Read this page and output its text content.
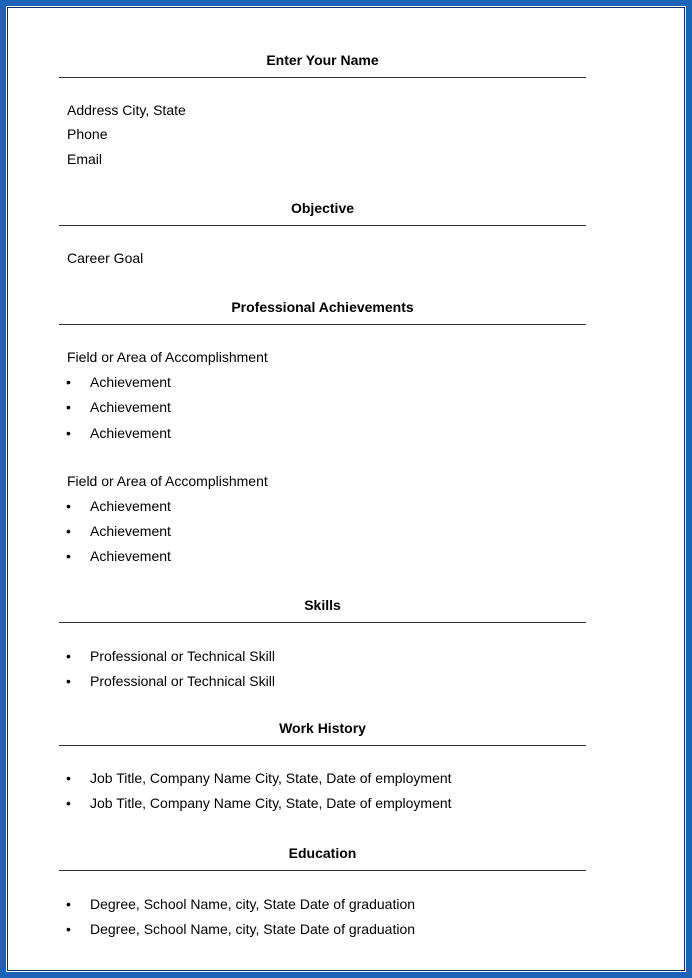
Enter Your Name
Address City, State
Phone
Email
Objective
Career Goal
Professional Achievements
Field or Area of Accomplishment
• Achievement
• Achievement
• Achievement
Field or Area of Accomplishment
• Achievement
• Achievement
• Achievement
Skills
• Professional or Technical Skill
• Professional or Technical Skill
Work History
• Job Title, Company Name City, State, Date of employment
• Job Title, Company Name City, State, Date of employment
Education
• Degree, School Name, city, State Date of graduation
• Degree, School Name, city, State Date of graduation
